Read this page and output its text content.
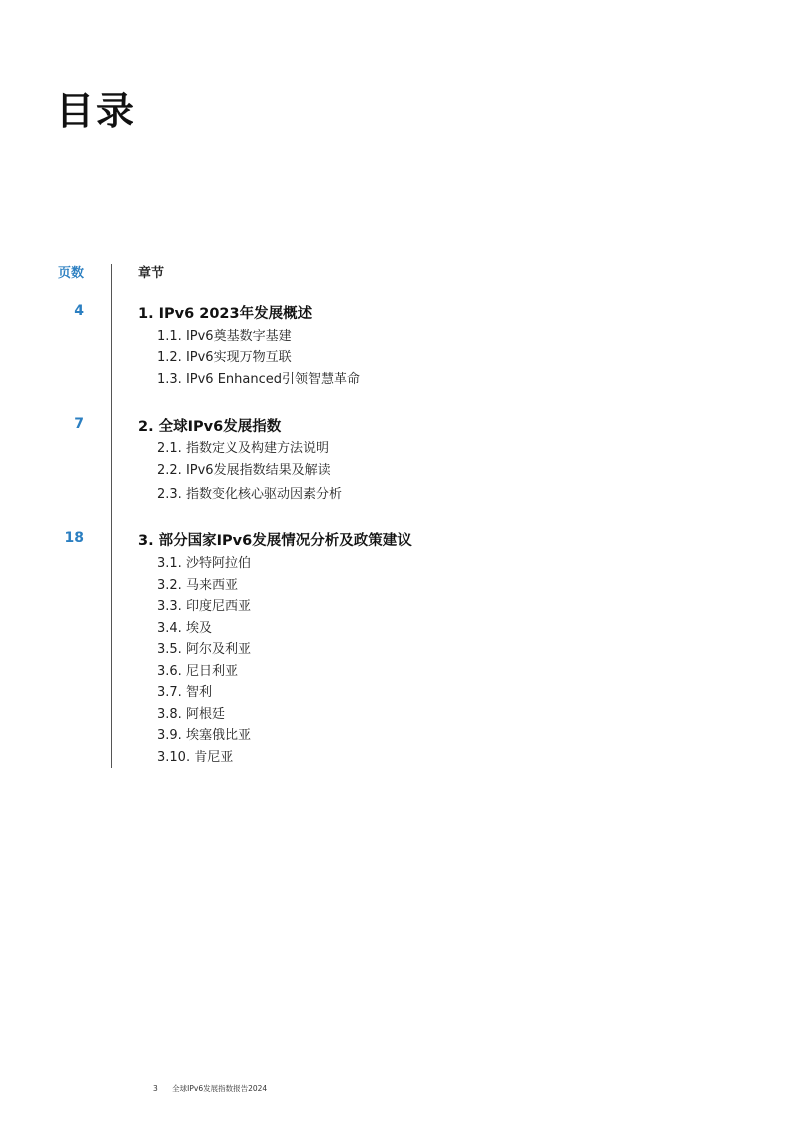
目录
页数	章节
4	1. IPv6 2023年发展概述
1.1. IPv6奠基数字基建
1.2. IPv6实现万物互联
1.3. IPv6 Enhanced引领智慧革命
7	2. 全球IPv6发展指数
2.1. 指数定义及构建方法说明
2.2. IPv6发展指数结果及解读
2.3. 指数变化核心驱动因素分析
18	3. 部分国家IPv6发展情况分析及政策建议
3.1. 沙特阿拉伯
3.2. 马来西亚
3.3. 印度尼西亚
3.4. 埃及
3.5. 阿尔及利亚
3.6. 尼日利亚
3.7. 智利
3.8. 阿根廷
3.9. 埃塞俄比亚
3.10. 肯尼亚
3 全球IPv6发展指数报告2024
